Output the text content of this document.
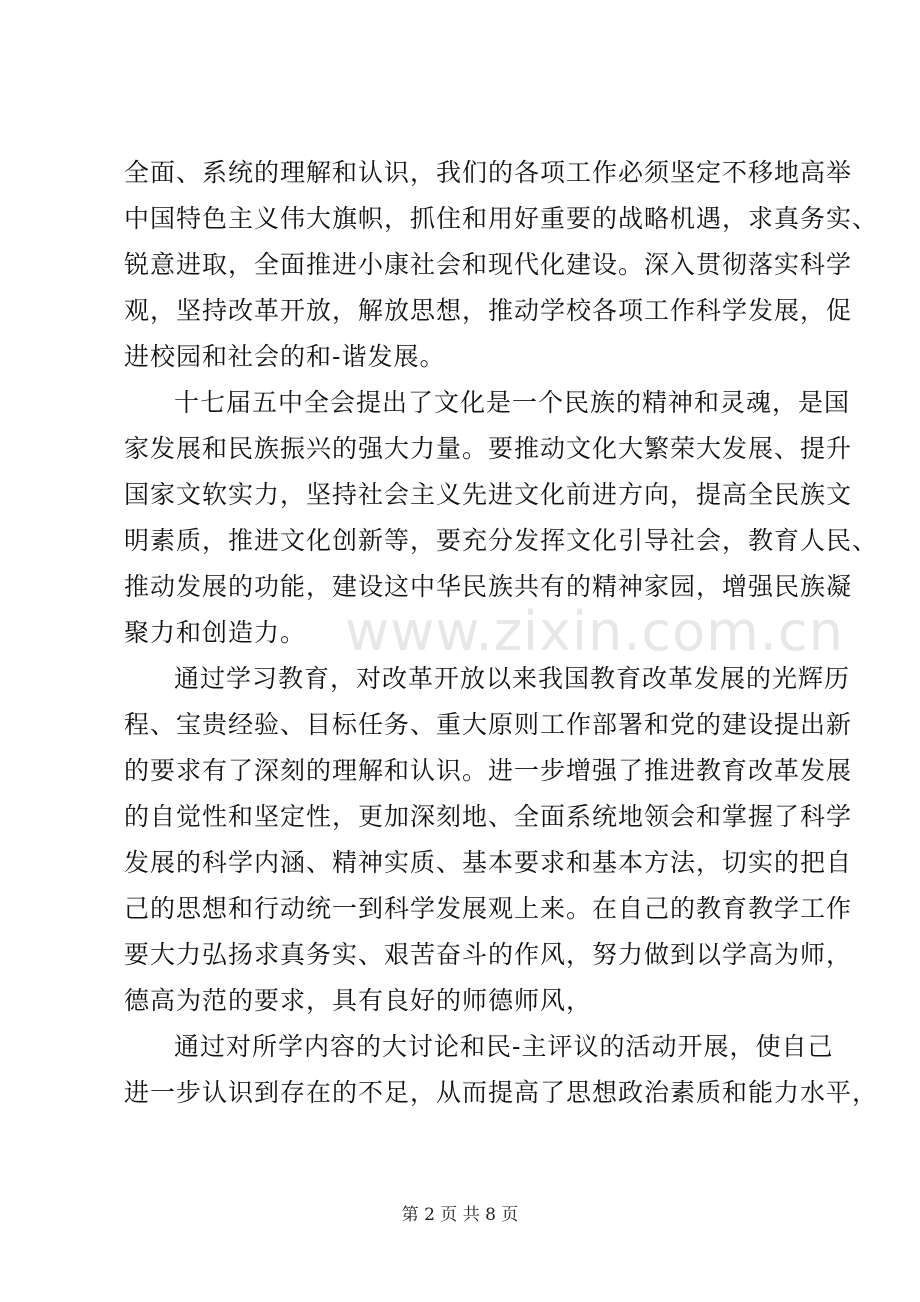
全面、系统的理解和认识，我们的各项工作必须坚定不移地高举
中国特色主义伟大旗帜，抓住和用好重要的战略机遇，求真务实、
锐意进取，全面推进小康社会和现代化建设。深入贯彻落实科学
观，坚持改革开放，解放思想，推动学校各项工作科学发展，促
进校园和社会的和-谐发展。

十七届五中全会提出了文化是一个民族的精神和灵魂，是国
家发展和民族振兴的强大力量。要推动文化大繁荣大发展、提升
国家文软实力，坚持社会主义先进文化前进方向，提高全民族文
明素质，推进文化创新等，要充分发挥文化引导社会，教育人民、
推动发展的功能，建设这中华民族共有的精神家园，增强民族凝
聚力和创造力。

通过学习教育，对改革开放以来我国教育改革发展的光辉历
程、宝贵经验、目标任务、重大原则工作部署和党的建设提出新
的要求有了深刻的理解和认识。进一步增强了推进教育改革发展
的自觉性和坚定性，更加深刻地、全面系统地领会和掌握了科学
发展的科学内涵、精神实质、基本要求和基本方法，切实的把自
己的思想和行动统一到科学发展观上来。在自己的教育教学工作
要大力弘扬求真务实、艰苦奋斗的作风，努力做到以学高为师，
德高为范的要求，具有良好的师德师风，

通过对所学内容的大讨论和民-主评议的活动开展，使自己
进一步认识到存在的不足，从而提高了思想政治素质和能力水平，

www.zixin.com.cn
第 2 页 共 8 页
